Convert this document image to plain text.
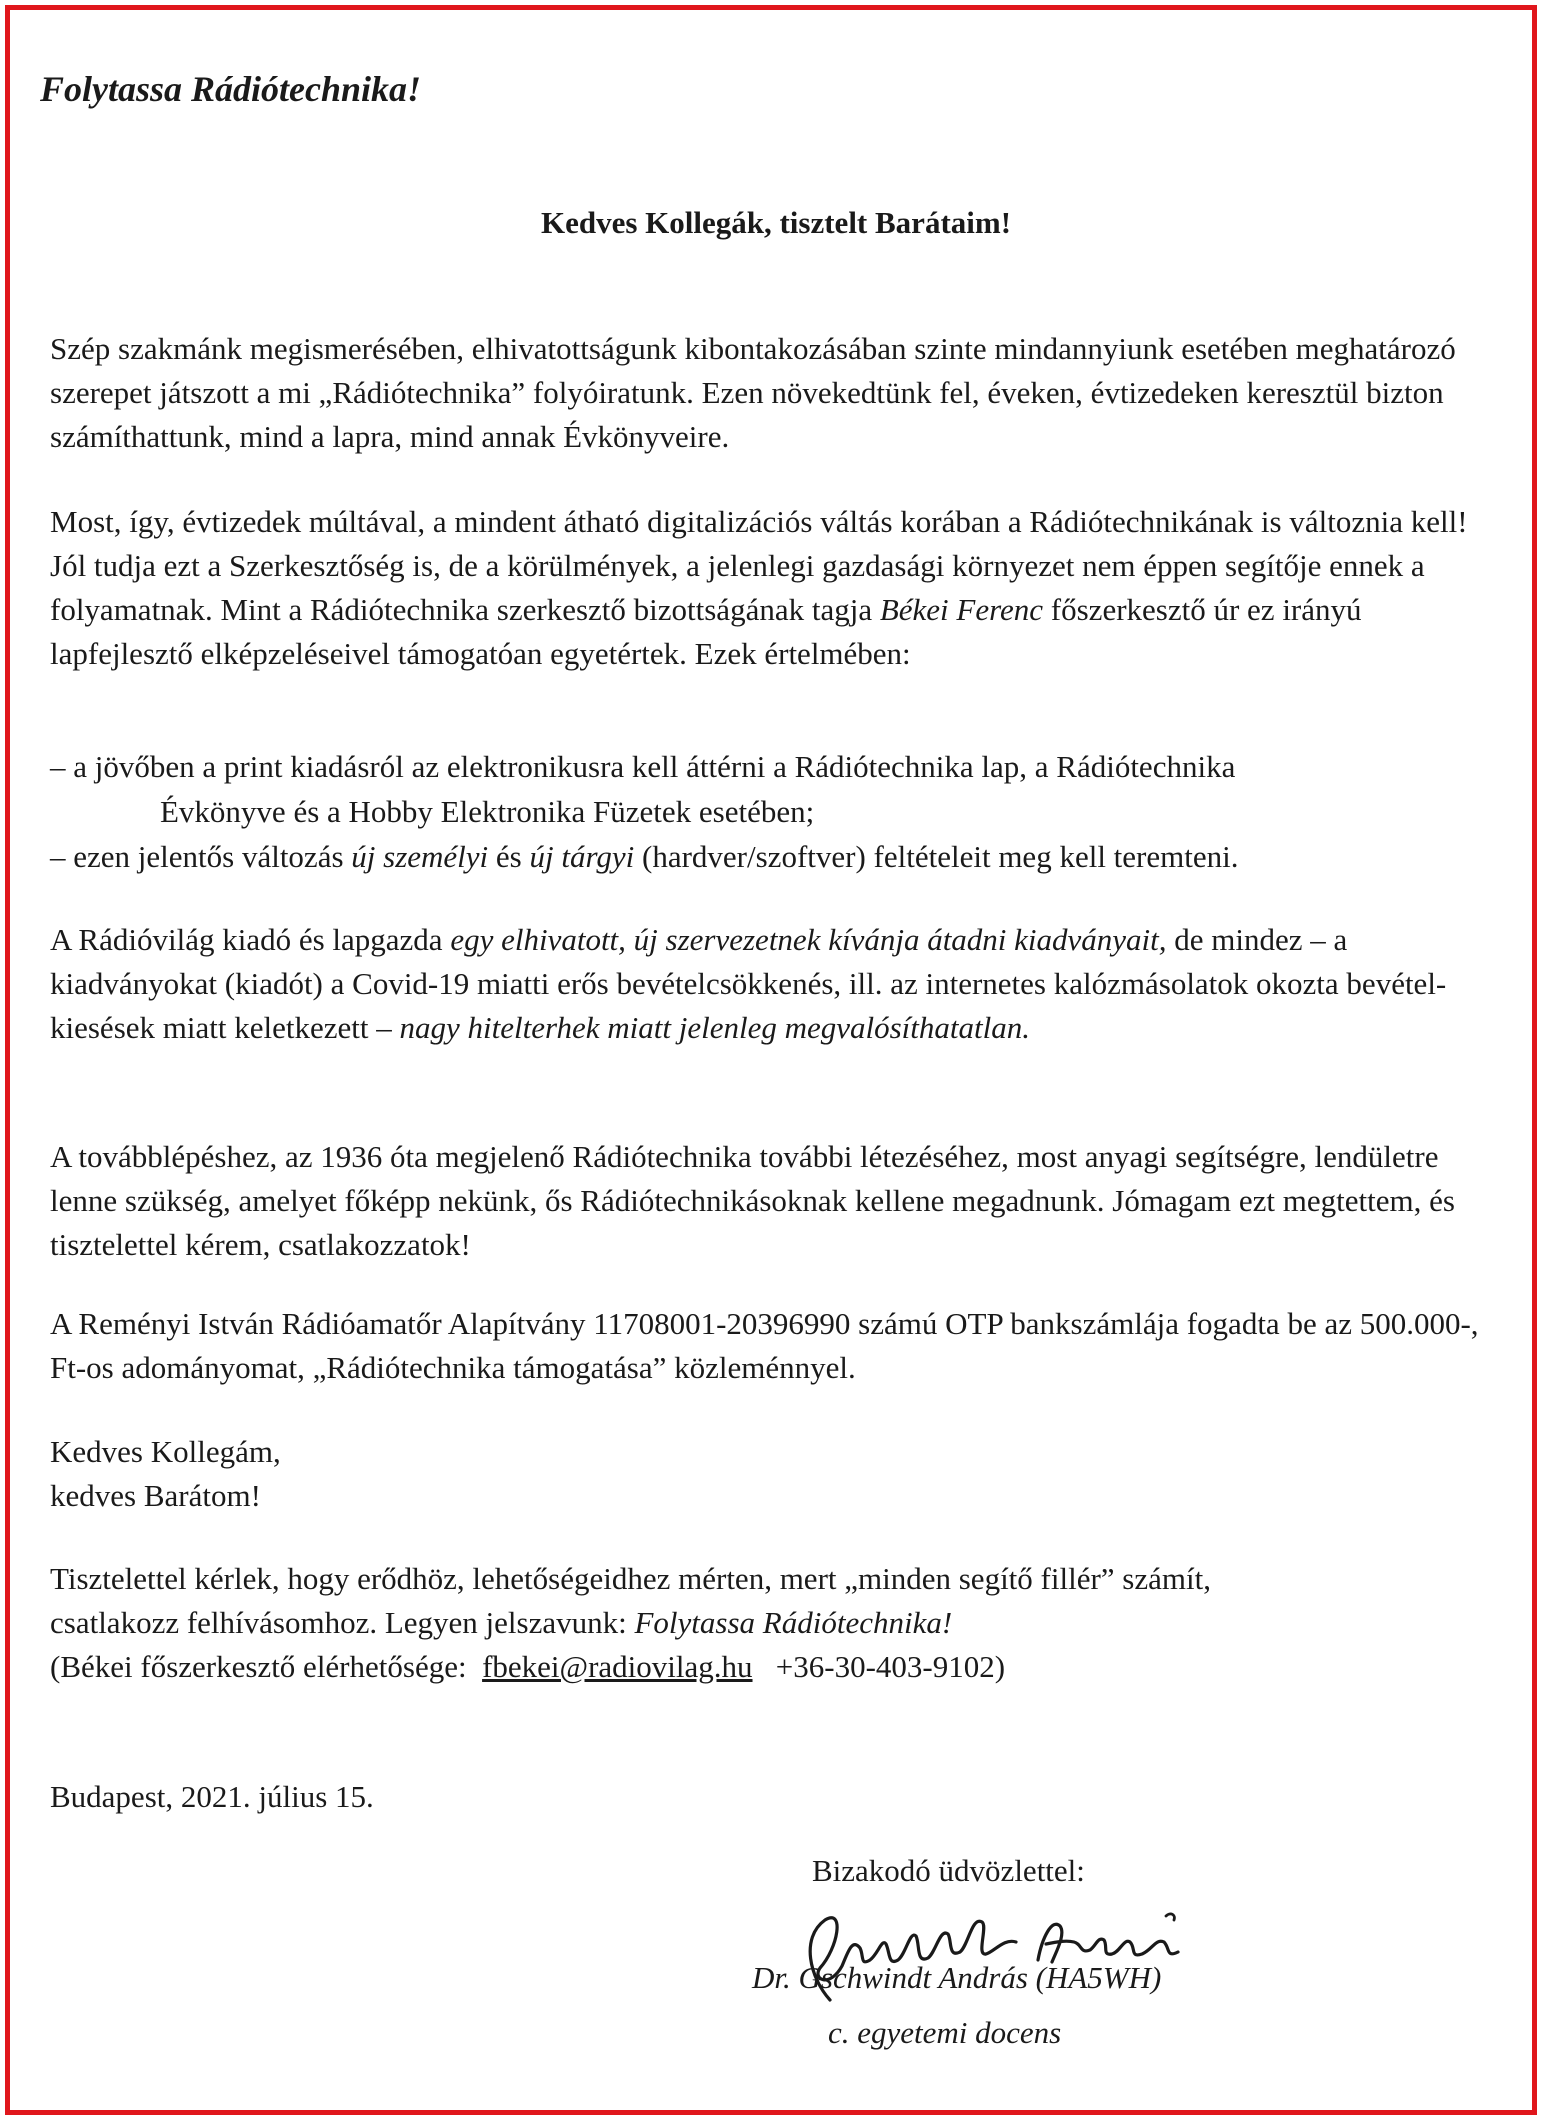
Folytassa Rádiótechnika!
Kedves Kollegák, tisztelt Barátaim!

Szép szakmánk megismerésében, elhivatottságunk kibontakozásában szinte mindannyiunk esetében meghatározó szerepet játszott a mi „Rádiótechnika” folyóiratunk. Ezen növekedtünk fel, éveken, évtizedeken keresztül bizton számíthattunk, mind a lapra, mind annak Évkönyveire.

Most, így, évtizedek múltával, a mindent átható digitalizációs váltás korában a Rádiótechnikának is változnia kell! Jól tudja ezt a Szerkesztőség is, de a körülmények, a jelenlegi gazdasági környezet nem éppen segítője ennek a folyamatnak. Mint a Rádiótechnika szerkesztő bizottságának tagja Békei Ferenc főszerkesztő úr ez irányú lapfejlesztő elképzeléseivel támogatóan egyetértek. Ezek értelmében:

– a jövőben a print kiadásról az elektronikusra kell áttérni a Rádiótechnika lap, a Rádiótechnika

Évkönyve és a Hobby Elektronika Füzetek esetében;

– ezen jelentős változás új személyi és új tárgyi (hardver/szoftver) feltételeit meg kell teremteni.

A Rádióvilág kiadó és lapgazda egy elhivatott, új szervezetnek kívánja átadni kiadványait, de mindez – a kiadványokat (kiadót) a Covid-19 miatti erős bevételcsökkenés, ill. az internetes kalózmásolatok okozta bevétel-kiesések miatt keletkezett – nagy hitelterhek miatt jelenleg megvalósíthatatlan.

A továbblépéshez, az 1936 óta megjelenő Rádiótechnika további létezéséhez, most anyagi segítségre, lendületre lenne szükség, amelyet főképp nekünk, ős Rádiótechnikásoknak kellene megadnunk. Jómagam ezt megtettem, és tisztelettel kérem, csatlakozzatok!

A Reményi István Rádióamatőr Alapítvány 11708001-20396990 számú OTP bankszámlája fogadta be az 500.000-, Ft-os adományomat, „Rádiótechnika támogatása” közleménnyel.

Kedves Kollegám,
kedves Barátom!

Tisztelettel kérlek, hogy erődhöz, lehetőségeidhez mérten, mert „minden segítő fillér” számít,
csatlakozz felhívásomhoz. Legyen jelszavunk: Folytassa Rádiótechnika!
(Békei főszerkesztő elérhetősége:  fbekei@radiovilag.hu   +36-30-403-9102)

Budapest, 2021. július 15.

Bizakodó üdvözlettel:

Dr. Gschwindt András (HA5WH)

c. egyetemi docens
